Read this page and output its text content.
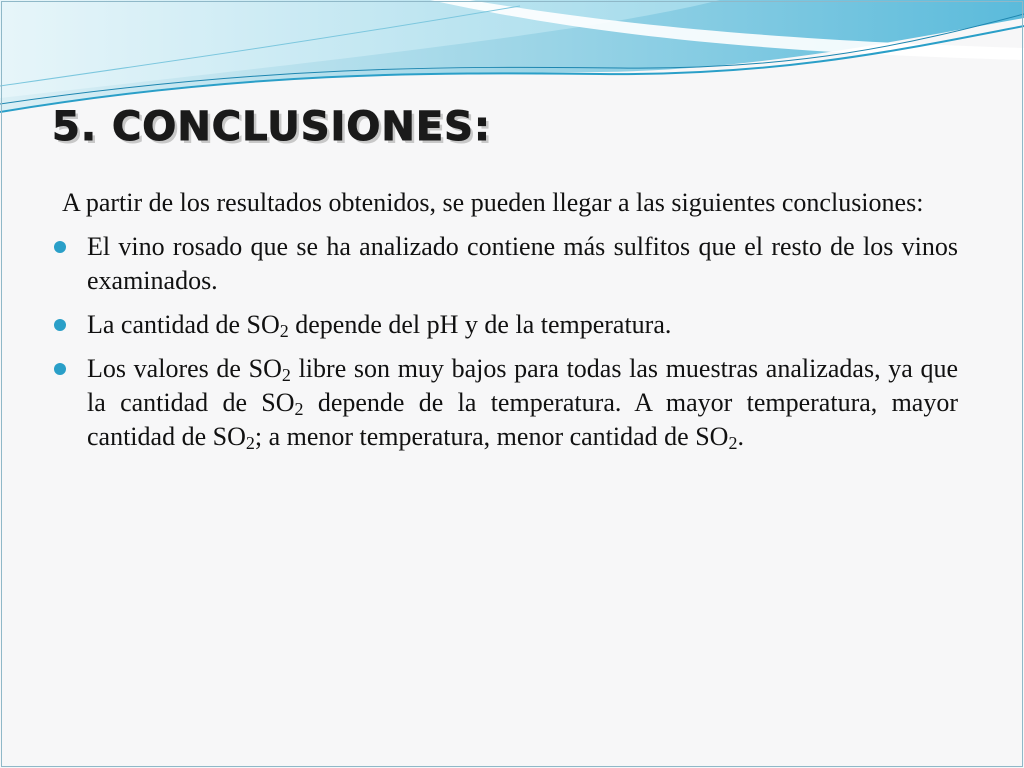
5. CONCLUSIONES:

A partir de los resultados obtenidos, se pueden llegar a las siguientes conclusiones:

El vino rosado que se ha analizado contiene más sulfitos que el resto de los vinos examinados.
La cantidad de $SO_2$ depende del pH y de la temperatura.
Los valores de $SO_2$ libre son muy bajos para todas las muestras analizadas, ya que la cantidad de $SO_2$ depende de la temperatura. A mayor temperatura, mayor cantidad de $SO_2$; a menor temperatura, menor cantidad de $SO_2$.
